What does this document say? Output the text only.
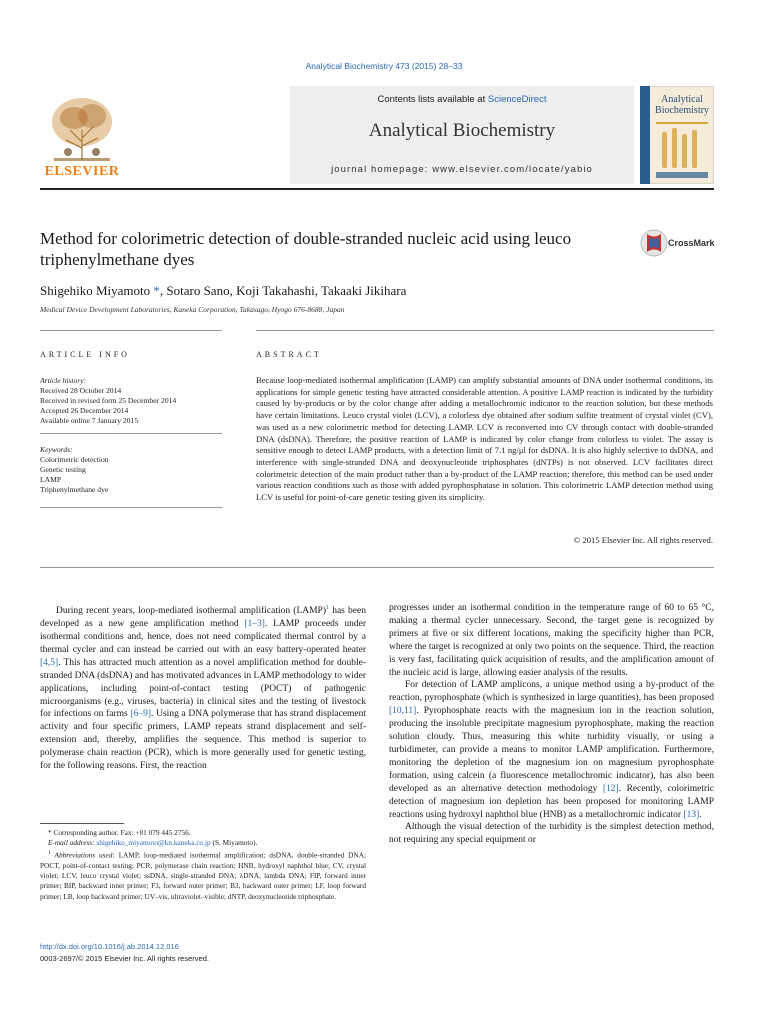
Analytical Biochemistry 473 (2015) 28–33
Contents lists available at ScienceDirect
Analytical Biochemistry
journal homepage: www.elsevier.com/locate/yabio
ELSEVIER
Analytical
Biochemistry
Method for colorimetric detection of double-stranded nucleic acid using leuco triphenylmethane dyes
CrossMark
Shigehiko Miyamoto *, Sotaro Sano, Koji Takahashi, Takaaki Jikihara
Medical Device Development Laboratories, Kaneka Corporation, Takasago, Hyogo 676-8688, Japan
ARTICLE INFO	ABSTRACT
Article history:
Received 28 October 2014
Received in revised form 25 December 2014
Accepted 26 December 2014
Available online 7 January 2015
Keywords:
Colorimetric detection
Genetic testing
LAMP
Triphenylmethane dye
Because loop-mediated isothermal amplification (LAMP) can amplify substantial amounts of DNA under isothermal conditions, its applications for simple genetic testing have attracted considerable attention. A positive LAMP reaction is indicated by the turbidity caused by by-products or by the color change after adding a metallochromic indicator to the reaction solution, but these methods have certain limitations. Leuco crystal violet (LCV), a colorless dye obtained after sodium sulfite treatment of crystal violet (CV), was used as a new colorimetric method for detecting LAMP. LCV is reconverted into CV through contact with double-stranded DNA (dsDNA). Therefore, the positive reaction of LAMP is indicated by color change from colorless to violet. The assay is sensitive enough to detect LAMP products, with a detection limit of 7.1 ng/μl for dsDNA. It is also highly selective to dsDNA, and interference with single-stranded DNA and deoxynucleotide triphosphates (dNTPs) is not observed. LCV facilitates direct colorimetric detection of the main product rather than a by-product of the LAMP reaction; therefore, this method can be used under various reaction conditions such as those with added pyrophosphatase in solution. This colorimetric LAMP detection method using LCV is useful for point-of-care genetic testing given its simplicity.
© 2015 Elsevier Inc. All rights reserved.

During recent years, loop-mediated isothermal amplification (LAMP)$^1$ has been developed as a new gene amplification method [1–3]. LAMP proceeds under isothermal conditions and, hence, does not need complicated thermal control by a thermal cycler and can instead be carried out with an easy battery-operated heater [4,5]. This has attracted much attention as a novel amplification method for double-stranded DNA (dsDNA) and has motivated advances in LAMP methodology to wider applications, including point-of-contact testing (POCT) of pathogenic microorganisms (e.g., viruses, bacteria) in clinical sites and the testing of livestock for infections on farms [6–9]. Using a DNA polymerase that has strand displacement activity and four specific primers, LAMP repeats strand displacement and self-extension and, thereby, amplifies the sequence. This method is superior to polymerase chain reaction (PCR), which is more generally used for genetic testing, for the following reasons. First, the reaction

progresses under an isothermal condition in the temperature range of 60 to 65 °C, making a thermal cycler unnecessary. Second, the target gene is recognized by primers at five or six different locations, making the specificity higher than PCR, where the target is recognized at only two points on the sequence. Third, the reaction is very fast, facilitating quick acquisition of results, and the amplification amount of the nucleic acid is large, allowing easier analysis of the results.

For detection of LAMP amplicons, a unique method using a by-product of the reaction, pyrophosphate (which is synthesized in large quantities), has been proposed [10,11]. Pyrophosphate reacts with the magnesium ion in the reaction solution, producing the insoluble precipitate magnesium pyrophosphate, making the reaction solution cloudy. Thus, measuring this white turbidity visually, or using a turbidimeter, can provide a means to monitor LAMP amplification. Furthermore, monitoring the depletion of the magnesium ion on magnesium pyrophosphate formation, using calcein (a fluorescence metallochromic indicator), has also been developed as an alternative detection methodology [12]. Recently, colorimetric detection of magnesium ion depletion has been proposed for monitoring LAMP reactions using hydroxyl naphthol blue (HNB) as a metallochromic indicator [13].

Although the visual detection of the turbidity is the simplest detection method, not requiring any special equipment or

* Corresponding author. Fax: +81 079 445 2756.

E-mail address: shigehiko_miyamoto@kn.kaneka.co.jp (S. Miyamoto).

$^1$ Abbreviations used: LAMP, loop-mediated isothermal amplification; dsDNA, double-stranded DNA; POCT, point-of-contact testing; PCR, polymerase chain reaction; HNB, hydroxyl naphthol blue; CV, crystal violet; LCV, leuco crystal violet; ssDNA, single-stranded DNA; λDNA, lambda DNA; FIP, forward inner primer; BIP, backward inner primer; F3, forward outer primer; B3, backward outer primer; LF, loop forward primer; LB, loop backward primer; UV–vis, ultraviolet–visible; dNTP, deoxynucleotide triphosphate.

http://dx.doi.org/10.1016/j.ab.2014.12.016
0003-2697/© 2015 Elsevier Inc. All rights reserved.
